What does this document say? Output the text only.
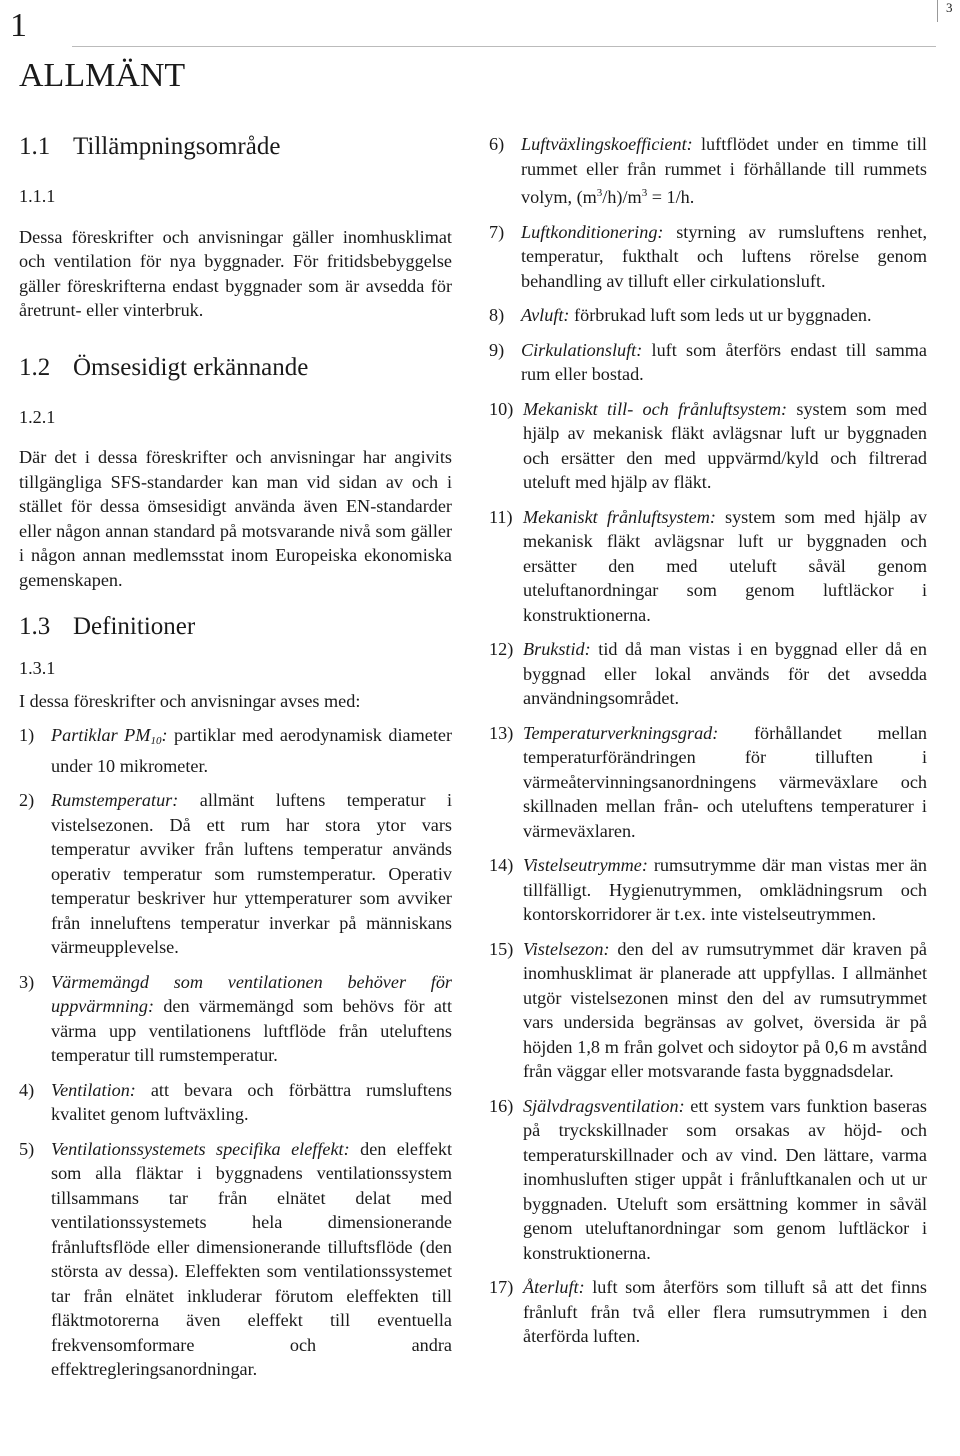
3
1
ALLMÄNT
1.1 Tillämpningsområde
1.1.1

Dessa föreskrifter och anvisningar gäller inomhusklimat och ventilation för nya byggnader. För fritidsbebyggelse gäller föreskrifterna endast byggnader som är avsedda för åretrunt- eller vinterbruk.

1.2 Ömsesidigt erkännande
1.2.1

Där det i dessa föreskrifter och anvisningar har angivits tillgängliga SFS-standarder kan man vid sidan av och i stället för dessa ömsesidigt använda även EN-standarder eller någon annan standard på motsvarande nivå som gäller i någon annan medlemsstat inom Europeiska ekonomiska gemenskapen.

1.3 Definitioner
1.3.1

I dessa föreskrifter och anvisningar avses med:

1) Partiklar $PM_{10}$: partiklar med aerodynamisk diameter under 10 mikrometer.
2) Rumstemperatur: allmänt luftens temperatur i vistelsezonen. Då ett rum har stora ytor vars temperatur avviker från luftens temperatur används operativ temperatur som rumstemperatur. Operativ temperatur beskriver hur yttemperaturer som avviker från inneluftens temperatur inverkar på människans värmeupplevelse.
3) Värmemängd som ventilationen behöver för uppvärmning: den värmemängd som behövs för att värma upp ventilationens luftflöde från uteluftens temperatur till rumstemperatur.
4) Ventilation: att bevara och förbättra rumsluftens kvalitet genom luftväxling.
5) Ventilationssystemets specifika eleffekt: den eleffekt som alla fläktar i byggnadens ventilationssystem tillsammans tar från elnätet delat med ventilationssystemets hela dimensionerande frånluftsflöde eller dimensionerande tilluftsflöde (den största av dessa). Eleffekten som ventilationssystemet tar från elnätet inkluderar förutom eleffekten till fläktmotorerna även eleffekt till eventuella frekvensomformare och andra effektregleringsanordningar.
6) Luftväxlingskoefficient: luftflödet under en timme till rummet eller från rummet i förhållande till rummets volym, $(m^3/h)/m^3 = 1/h$.
7) Luftkonditionering: styrning av rumsluftens renhet, temperatur, fukthalt och luftens rörelse genom behandling av tilluft eller cirkulationsluft.
8) Avluft: förbrukad luft som leds ut ur byggnaden.
9) Cirkulationsluft: luft som återförs endast till samma rum eller bostad.
10) Mekaniskt till- och frånluftsystem: system som med hjälp av mekanisk fläkt avlägsnar luft ur byggnaden och ersätter den med uppvärmd/kyld och filtrerad uteluft med hjälp av fläkt.
11) Mekaniskt frånluftsystem: system som med hjälp av mekanisk fläkt avlägsnar luft ur byggnaden och ersätter den med uteluft såväl genom uteluftanordningar som genom luftläckor i konstruktionerna.
12) Brukstid: tid då man vistas i en byggnad eller då en byggnad eller lokal används för det avsedda användningsområdet.
13) Temperaturverkningsgrad: förhållandet mellan temperaturförändringen för tilluften i värmeåtervinningsanordningens värmeväxlare och skillnaden mellan från- och uteluftens temperaturer i värmeväxlaren.
14) Vistelseutrymme: rumsutrymme där man vistas mer än tillfälligt. Hygienutrymmen, omklädningsrum och kontorskorridorer är t.ex. inte vistelseutrymmen.
15) Vistelsezon: den del av rumsutrymmet där kraven på inomhusklimat är planerade att uppfyllas. I allmänhet utgör vistelsezonen minst den del av rumsutrymmet vars undersida begränsas av golvet, översida är på höjden 1,8 m från golvet och sidoytor på 0,6 m avstånd från väggar eller motsvarande fasta byggnadsdelar.
16) Självdragsventilation: ett system vars funktion baseras på tryckskillnader som orsakas av höjd- och temperaturskillnader och av vind. Den lättare, varma inomhusluften stiger uppåt i frånluftkanalen och ut ur byggnaden. Uteluft som ersättning kommer in såväl genom uteluftanordningar som genom luftläckor i konstruktionerna.
17) Återluft: luft som återförs som tilluft så att det finns frånluft från två eller flera rumsutrymmen i den återförda luften.
